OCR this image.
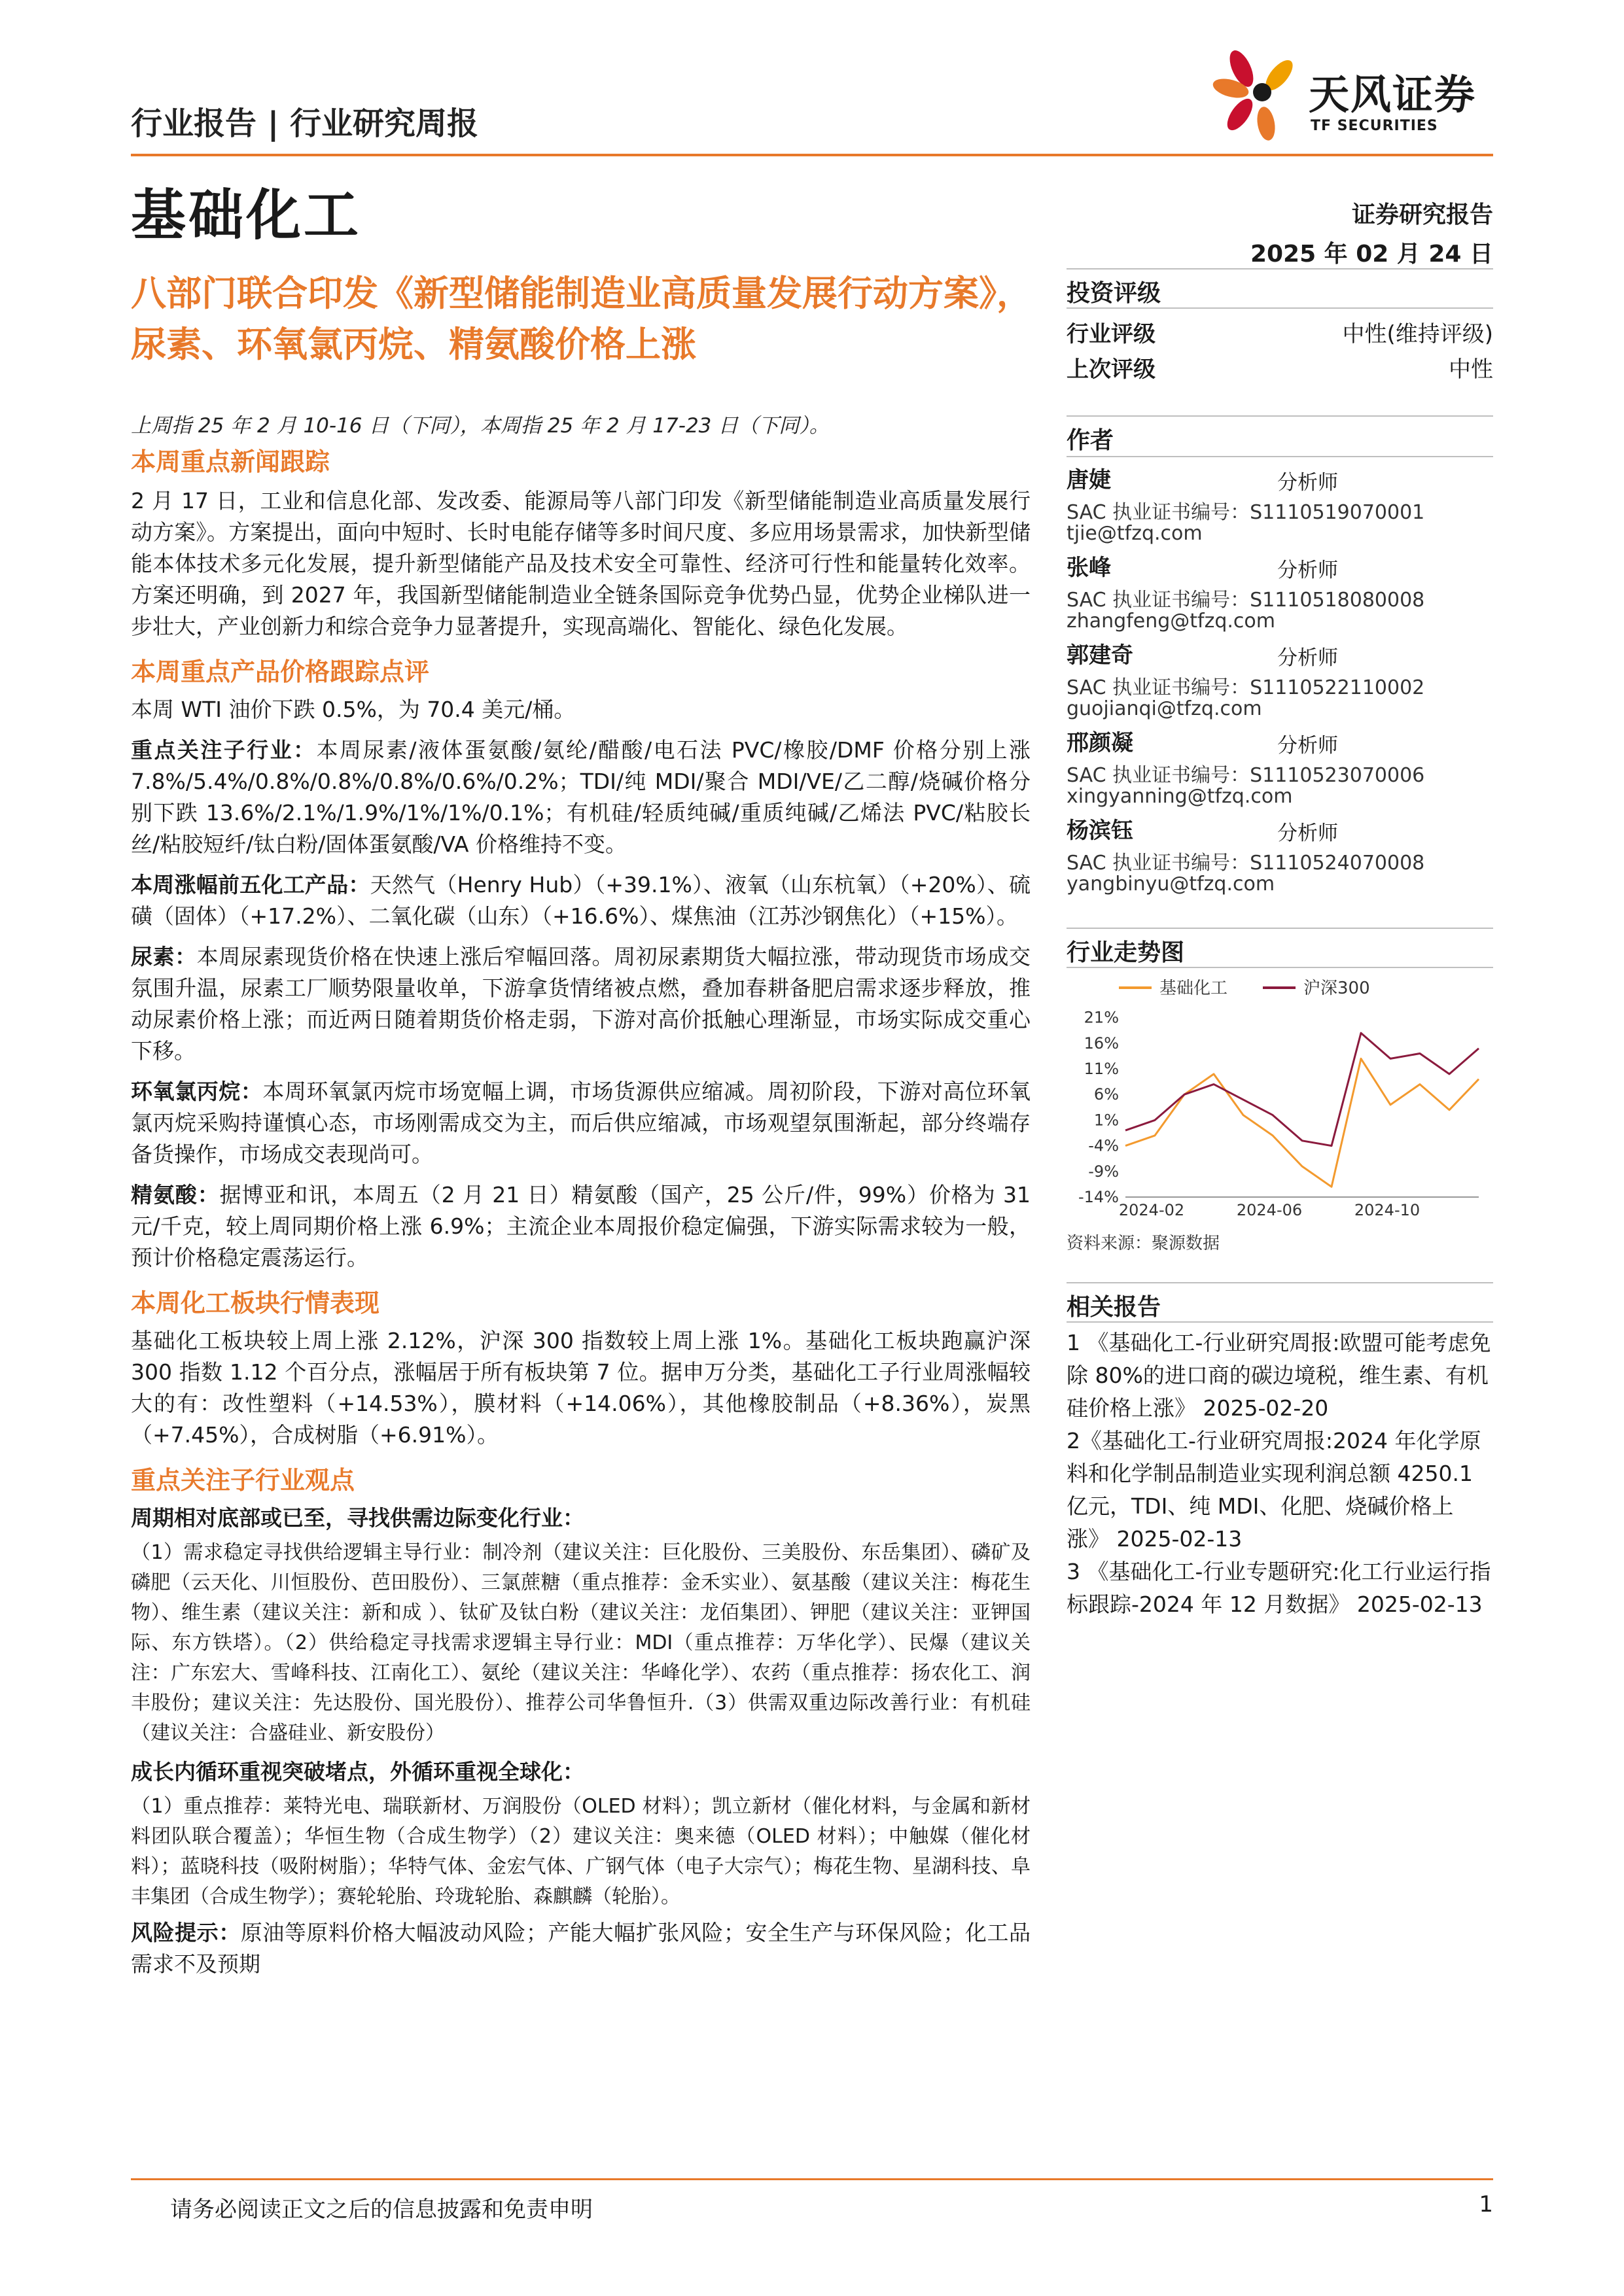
行业报告 | 行业研究周报
天风证券
TF SECURITIES
基础化工	证券研究报告
2025 年 02 月 24 日
八部门联合印发《新型储能制造业高质量发展行动方案》，尿素、环氧氯丙烷、精氨酸价格上涨
投资评级
行业评级	中性(维持评级)
上次评级	中性
作者
唐婕	分析师
SAC 执业证书编号：S1110519070001
tjie@tfzq.com
张峰	分析师
SAC 执业证书编号：S1110518080008
zhangfeng@tfzq.com
郭建奇	分析师
SAC 执业证书编号：S1110522110002
guojianqi@tfzq.com
邢颜凝	分析师
SAC 执业证书编号：S1110523070006
xingyanning@tfzq.com
杨滨钰	分析师
SAC 执业证书编号：S1110524070008
yangbinyu@tfzq.com
行业走势图
基础化工	沪深300
21%
16%
11%
6%
1%
-4%
-9%
-14%
2024-02	2024-06	2024-10
资料来源：聚源数据
相关报告
1 《基础化工-行业研究周报:欧盟可能考虑免除 80%的进口商的碳边境税，维生素、有机硅价格上涨》 2025-02-20
2《基础化工-行业研究周报:2024 年化学原料和化学制品制造业实现利润总额 4250.1 亿元，TDI、纯 MDI、化肥、烧碱价格上涨》 2025-02-13
3 《基础化工-行业专题研究:化工行业运行指标跟踪-2024 年 12 月数据》 2025-02-13
上周指 25 年 2 月 10-16 日（下同），本周指 25 年 2 月 17-23 日（下同）。
本周重点新闻跟踪
2 月 17 日，工业和信息化部、发改委、能源局等八部门印发《新型储能制造业高质量发展行动方案》。方案提出，面向中短时、长时电能存储等多时间尺度、多应用场景需求，加快新型储能本体技术多元化发展，提升新型储能产品及技术安全可靠性、经济可行性和能量转化效率。方案还明确，到 2027 年，我国新型储能制造业全链条国际竞争优势凸显，优势企业梯队进一步壮大，产业创新力和综合竞争力显著提升，实现高端化、智能化、绿色化发展。
本周重点产品价格跟踪点评
本周 WTI 油价下跌 0.5%，为 70.4 美元/桶。
重点关注子行业：本周尿素/液体蛋氨酸/氨纶/醋酸/电石法 PVC/橡胶/DMF 价格分别上涨 7.8%/5.4%/0.8%/0.8%/0.8%/0.6%/0.2%；TDI/纯 MDI/聚合 MDI/VE/乙二醇/烧碱价格分别下跌 13.6%/2.1%/1.9%/1%/1%/0.1%；有机硅/轻质纯碱/重质纯碱/乙烯法 PVC/粘胶长丝/粘胶短纤/钛白粉/固体蛋氨酸/VA 价格维持不变。
本周涨幅前五化工产品：天然气（Henry Hub）（+39.1%）、液氧（山东杭氧）（+20%）、硫磺（固体）（+17.2%）、二氧化碳（山东）（+16.6%）、煤焦油（江苏沙钢焦化）（+15%）。
尿素：本周尿素现货价格在快速上涨后窄幅回落。周初尿素期货大幅拉涨，带动现货市场成交氛围升温，尿素工厂顺势限量收单，下游拿货情绪被点燃，叠加春耕备肥启需求逐步释放，推动尿素价格上涨；而近两日随着期货价格走弱，下游对高价抵触心理渐显，市场实际成交重心下移。
环氧氯丙烷：本周环氧氯丙烷市场宽幅上调，市场货源供应缩减。周初阶段，下游对高位环氧氯丙烷采购持谨慎心态，市场刚需成交为主，而后供应缩减，市场观望氛围渐起，部分终端存备货操作，市场成交表现尚可。
精氨酸：据博亚和讯，本周五（2 月 21 日）精氨酸（国产，25 公斤/件，99%）价格为 31 元/千克，较上周同期价格上涨 6.9%；主流企业本周报价稳定偏强，下游实际需求较为一般，预计价格稳定震荡运行。
本周化工板块行情表现
基础化工板块较上周上涨 2.12%，沪深 300 指数较上周上涨 1%。基础化工板块跑赢沪深 300 指数 1.12 个百分点，涨幅居于所有板块第 7 位。据申万分类，基础化工子行业周涨幅较大的有：改性塑料（+14.53%），膜材料（+14.06%），其他橡胶制品（+8.36%），炭黑（+7.45%），合成树脂（+6.91%）。
重点关注子行业观点
周期相对底部或已至，寻找供需边际变化行业：
（1）需求稳定寻找供给逻辑主导行业：制冷剂（建议关注：巨化股份、三美股份、东岳集团）、磷矿及磷肥（云天化、川恒股份、芭田股份）、三氯蔗糖（重点推荐：金禾实业）、氨基酸（建议关注：梅花生物）、维生素（建议关注：新和成 ）、钛矿及钛白粉（建议关注：龙佰集团）、钾肥（建议关注：亚钾国际、东方铁塔）。（2）供给稳定寻找需求逻辑主导行业：MDI（重点推荐：万华化学）、民爆（建议关注：广东宏大、雪峰科技、江南化工）、氨纶（建议关注：华峰化学）、农药（重点推荐：扬农化工、润丰股份；建议关注：先达股份、国光股份）、推荐公司华鲁恒升.（3）供需双重边际改善行业：有机硅（建议关注：合盛硅业、新安股份）
成长内循环重视突破堵点，外循环重视全球化：
（1）重点推荐：莱特光电、瑞联新材、万润股份（OLED 材料）；凯立新材（催化材料，与金属和新材料团队联合覆盖）；华恒生物（合成生物学）（2）建议关注：奥来德（OLED 材料）；中触媒（催化材料）；蓝晓科技（吸附树脂）；华特气体、金宏气体、广钢气体（电子大宗气）；梅花生物、星湖科技、阜丰集团（合成生物学）；赛轮轮胎、玲珑轮胎、森麒麟（轮胎）。
风险提示：原油等原料价格大幅波动风险；产能大幅扩张风险；安全生产与环保风险；化工品需求不及预期
请务必阅读正文之后的信息披露和免责申明	1
